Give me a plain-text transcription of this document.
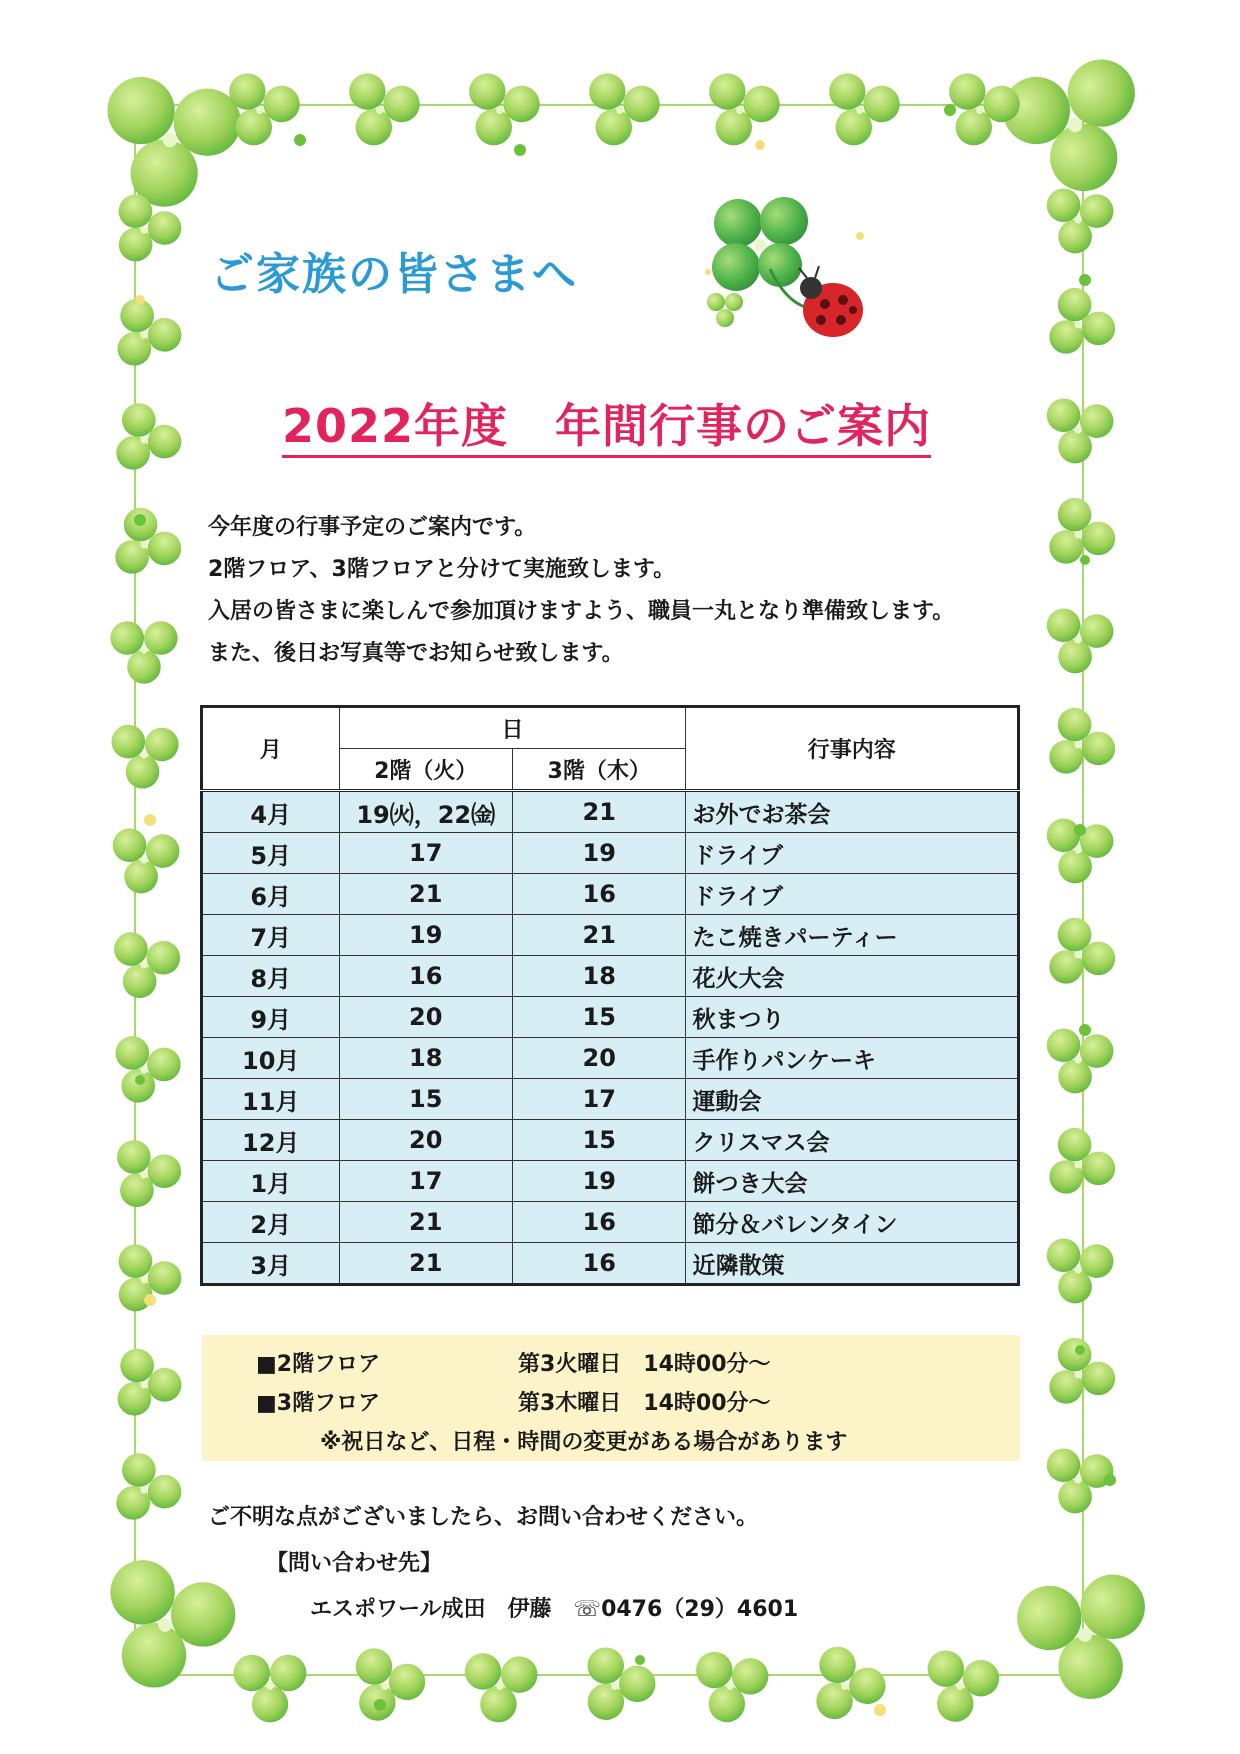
ご家族の皆さまへ
2022年度　年間行事のご案内
今年度の行事予定のご案内です。
2階フロア、3階フロアと分けて実施致します。
入居の皆さまに楽しんで参加頂けますよう、職員一丸となり準備致します。
また、後日お写真等でお知らせ致します。
月	日		行事内容
	2階（火）	3階（木）	
4月	19㈫，22㈮	21	お外でお茶会
5月	17	19	ドライブ
6月	21	16	ドライブ
7月	19	21	たこ焼きパーティー
8月	16	18	花火大会
9月	20	15	秋まつり
10月	18	20	手作りパンケーキ
11月	15	17	運動会
12月	20	15	クリスマス会
1月	17	19	餅つき大会
2月	21	16	節分＆バレンタイン
3月	21	16	近隣散策
■2階フロア	第3火曜日　14時00分～
■3階フロア	第3木曜日　14時00分～
※祝日など、日程・時間の変更がある場合があります
ご不明な点がございましたら、お問い合わせください。
【問い合わせ先】
エスポワール成田　伊藤　☏0476（29）4601
